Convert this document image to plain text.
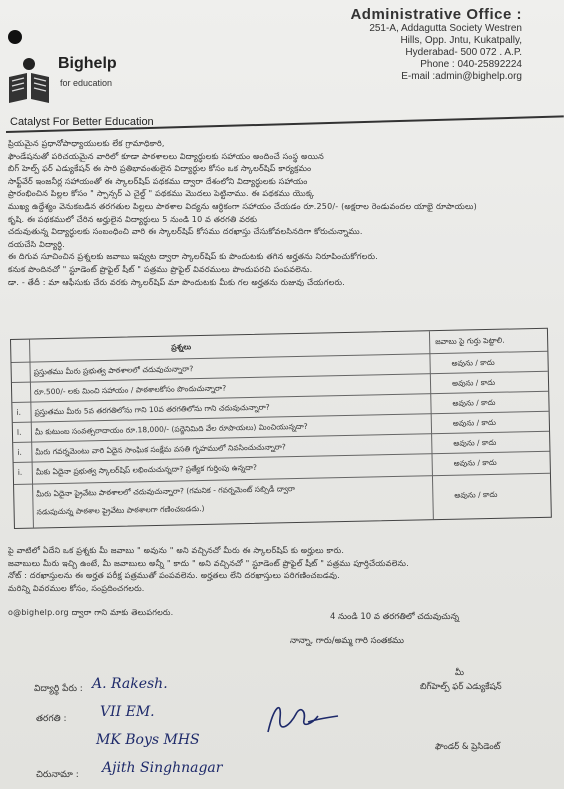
Bighelp
for education
Administrative Office :
251-A, Addagutta Society Westren
Hills, Opp. Jntu, Kukatpally,
Hyderabad- 500 072 . A.P.
Phone : 040-25892224
E-mail :admin@bighelp.org
Catalyst For Better Education
ప్రియమైన ప్రధానోపాధ్యాయులకు లేక గ్రామాధికారి,
ఫౌండేషనుతో పరిచయమైన వారిలో కూడా పాఠశాలలు విద్యార్ధులకు సహాయం అందించే సంస్థ అయిన
బిగ్ హెల్ప్ ఫర్ ఎడ్యుకేషన్ ఈ సారి ప్రతిభావంతులైన విద్యార్ధుల కోసం ఒక స్కాలర్‌షిప్ కార్యక్రమం
సాఫ్ట్‌వేర్ ఇంజనీర్ల సహాయంతో ఈ స్కాలర్‌షిప్ పథకము ద్వారా దేశంలోని విద్యార్ధులకు సహాయం
ప్రారంభించిన పిల్లల కోసం " స్పాన్సర్ ఎ చైల్డ్ " పథకము మొదలు పెట్టినాము. ఈ పథకము యొక్క
ముఖ్య ఉద్దేశ్యం వెనుకబడిన తరగతుల పిల్లలు పాఠశాల విద్యను ఆర్ధికంగా సహాయం చేయడం రూ.250/- (అక్షరాల రెండువందల యాభై రూపాయలు)
కృషి. ఈ పథకములో చేరిన అర్హులైన విద్యార్ధులు 5 నుండి 10 వ తరగతి వరకు
చదువుతున్న విద్యార్ధులకు సంబంధించి వారి ఈ స్కాలర్‌షిప్ కోసము దరఖాస్తు చేసుకోవలసినదిగా కోరుచున్నాము.
దయచేసి విద్యార్ధి.
ఈ దిగువ సూచించిన ప్రశ్నలకు జవాబు ఇవ్వుట ద్వారా స్కాలర్‌షిప్ కు పొందుటకు తగిన అర్హతను నిరూపించుకోగలరు.
కనుక పొందినచో " స్టూడెంట్ ప్రొఫైల్ షీట్ " పత్రము ప్రొఫైల్ వివరములు పొందుపరచి పంపవలెను.
డా. - తేదీ : మా ఆఫీసుకు చేరు వరకు స్కాలర్‌షిప్ మా పొందుటకు మీకు గల అర్హతను రుజువు చేయగలరు.
ప్రశ్నలు
జవాబు పై గుర్తు పెట్టాలి.
ప్రస్తుతము మీరు ప్రభుత్వ పాఠశాలలో చదువుచున్నారా?
అవును / కాదు
రూ.500/- లకు మించి సహాయం / పాఠశాలకోసం పొందుచున్నారా?
అవును / కాదు
i. ప్రస్తుతము మీరు 5వ తరగతిలోను గాని 10వ తరగతిలోను గాని చదువుచున్నారా?	అవును / కాదు
l. మీ కుటుంబ సంవత్సరాదాయం రూ.18,000/- (పద్దెనిమిది వేల రూపాయలు) మించియున్నదా?	అవును / కాదు
i. మీరు గవర్నమెంటు వారి ఏదైన సాంఘిక సంక్షేమ వసతి గృహములో నివసించుచున్నారా?	అవును / కాదు
i. మీకు ఏదైనా ప్రభుత్వ స్కాలర్‌షిప్ లభించుచున్నదా? ప్రత్యేక గుర్తింపు ఉన్నదా?
అవును / కాదు
మీరు ఏదైనా ప్రైవేటు పాఠశాలలో చదువుచున్నారా? (గమనిక - గవర్నమెంట్ సబ్సిడీ ద్వారా
నడుపుచున్న పాఠశాల ప్రైవేటు పాఠశాలగా గణించబడదు.)
అవును / కాదు
పై వాటిలో ఏదేని ఒక ప్రశ్నకు మీ జవాబు " అవును " అని వచ్చినచో మీరు ఈ స్కాలర్‌షిప్ కు అర్హులు కారు.
జవాబులు మీరు ఇచ్చి ఉంటే, మీ జవాబులు అన్నీ " కాదు " అని వచ్చినచో " స్టూడెంట్ ప్రొఫైల్ షీట్ " పత్రము పూర్తిచేయవలెను.
నోట్ : దరఖాస్తులను ఈ అర్హత పరీక్ష పత్రముతో పంపవలెను. అర్హతలు లేని దరఖాస్తులు పరిగణించబడవు.
మరిన్ని వివరముల కోసం, సంప్రదించగలరు.
o@bighelp.org ద్వారా గాని మాకు తెలుపగలరు.	4 నుండి 10 వ తరగతిలో చదువుచున్న
నాన్నా, గారు/అమ్మ గారి సంతకము
విద్యార్థి పేరు : A. Rakesh.
తరగతి : VII EM.
MK Boys MHS
చిరునామా : Ajith Singhnagar
మీ
బిగ్‌హెల్ప్ ఫర్ ఎడ్యుకేషన్
ఫౌండర్ & ప్రెసిడెంట్
